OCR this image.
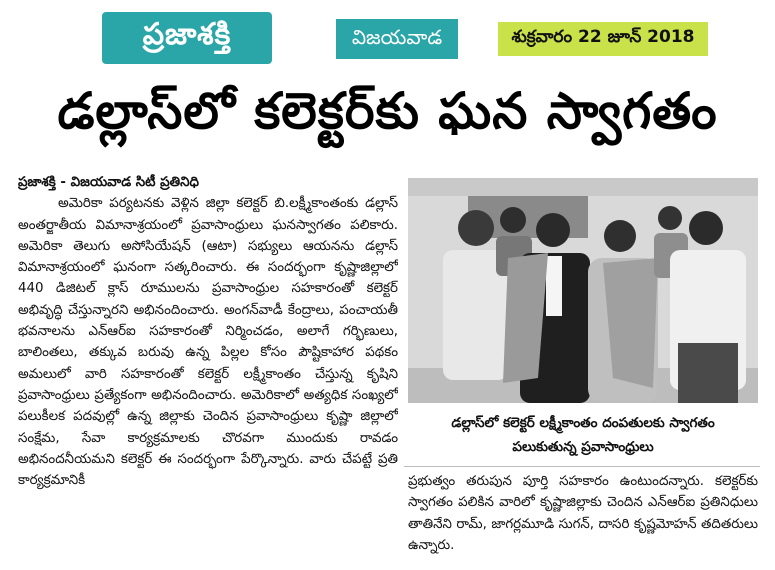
ప్రజాశక్తి	విజయవాడ	శుక్రవారం 22 జూన్ 2018
డల్లాస్‌లో కలెక్టర్‌కు ఘన స్వాగతం

ప్రజాశక్తి - విజయవాడ సిటీ ప్రతినిధి

అమెరికా పర్యటనకు వెళ్లిన జిల్లా కలెక్టర్ బి.లక్ష్మీకాంతంకు డల్లాస్ అంతర్జాతీయ విమానాశ్రయంలో ప్రవాసాంధ్రులు ఘనస్వాగతం పలికారు. అమెరికా తెలుగు అసోసియేషన్ (ఆటా) సభ్యులు ఆయనను డల్లాస్ విమానాశ్రయంలో ఘనంగా సత్కరించారు. ఈ సందర్భంగా కృష్ణాజిల్లాలో 440 డిజిటల్ క్లాస్ రూములను ప్రవాసాంధ్రుల సహకారంతో కలెక్టర్ అభివృద్ధి చేస్తున్నారని అభినందించారు. అంగన్‌వాడీ కేంద్రాలు, పంచాయతీ భవనాలను ఎన్‌ఆర్‌ఐ సహకారంతో నిర్మించడం, అలాగే గర్భిణులు, బాలింతలు, తక్కువ బరువు ఉన్న పిల్లల కోసం పౌష్టికాహార పథకం అమలులో వారి సహకారంతో కలెక్టర్ లక్ష్మీకాంతం చేస్తున్న కృషిని ప్రవాసాంధ్రులు ప్రత్యేకంగా అభినందించారు. అమెరికాలో అత్యధిక సంఖ్యలో పలుకీలక పదవుల్లో ఉన్న జిల్లాకు చెందిన ప్రవాసాంధ్రులు కృష్ణా జిల్లాలో సంక్షేమ, సేవా కార్యక్రమాలకు చొరవగా ముందుకు రావడం అభినందనీయమని కలెక్టర్ ఈ సందర్భంగా పేర్కొన్నారు. వారు చేపట్టే ప్రతి కార్యక్రమానికీ

డల్లాస్‌లో కలెక్టర్ లక్ష్మీకాంతం దంపతులకు స్వాగతం
పలుకుతున్న ప్రవాసాంధ్రులు

ప్రభుత్వం తరుపున పూర్తి సహకారం ఉంటుందన్నారు. కలెక్టర్‌కు స్వాగతం పలికిన వారిలో కృష్ణాజిల్లాకు చెందిన ఎన్‌ఆర్‌ఐ ప్రతినిధులు తాతినేని రామ్, జాగర్లమూడి సుగన్, దాసరి కృష్ణమోహన్ తదితరులు ఉన్నారు.
